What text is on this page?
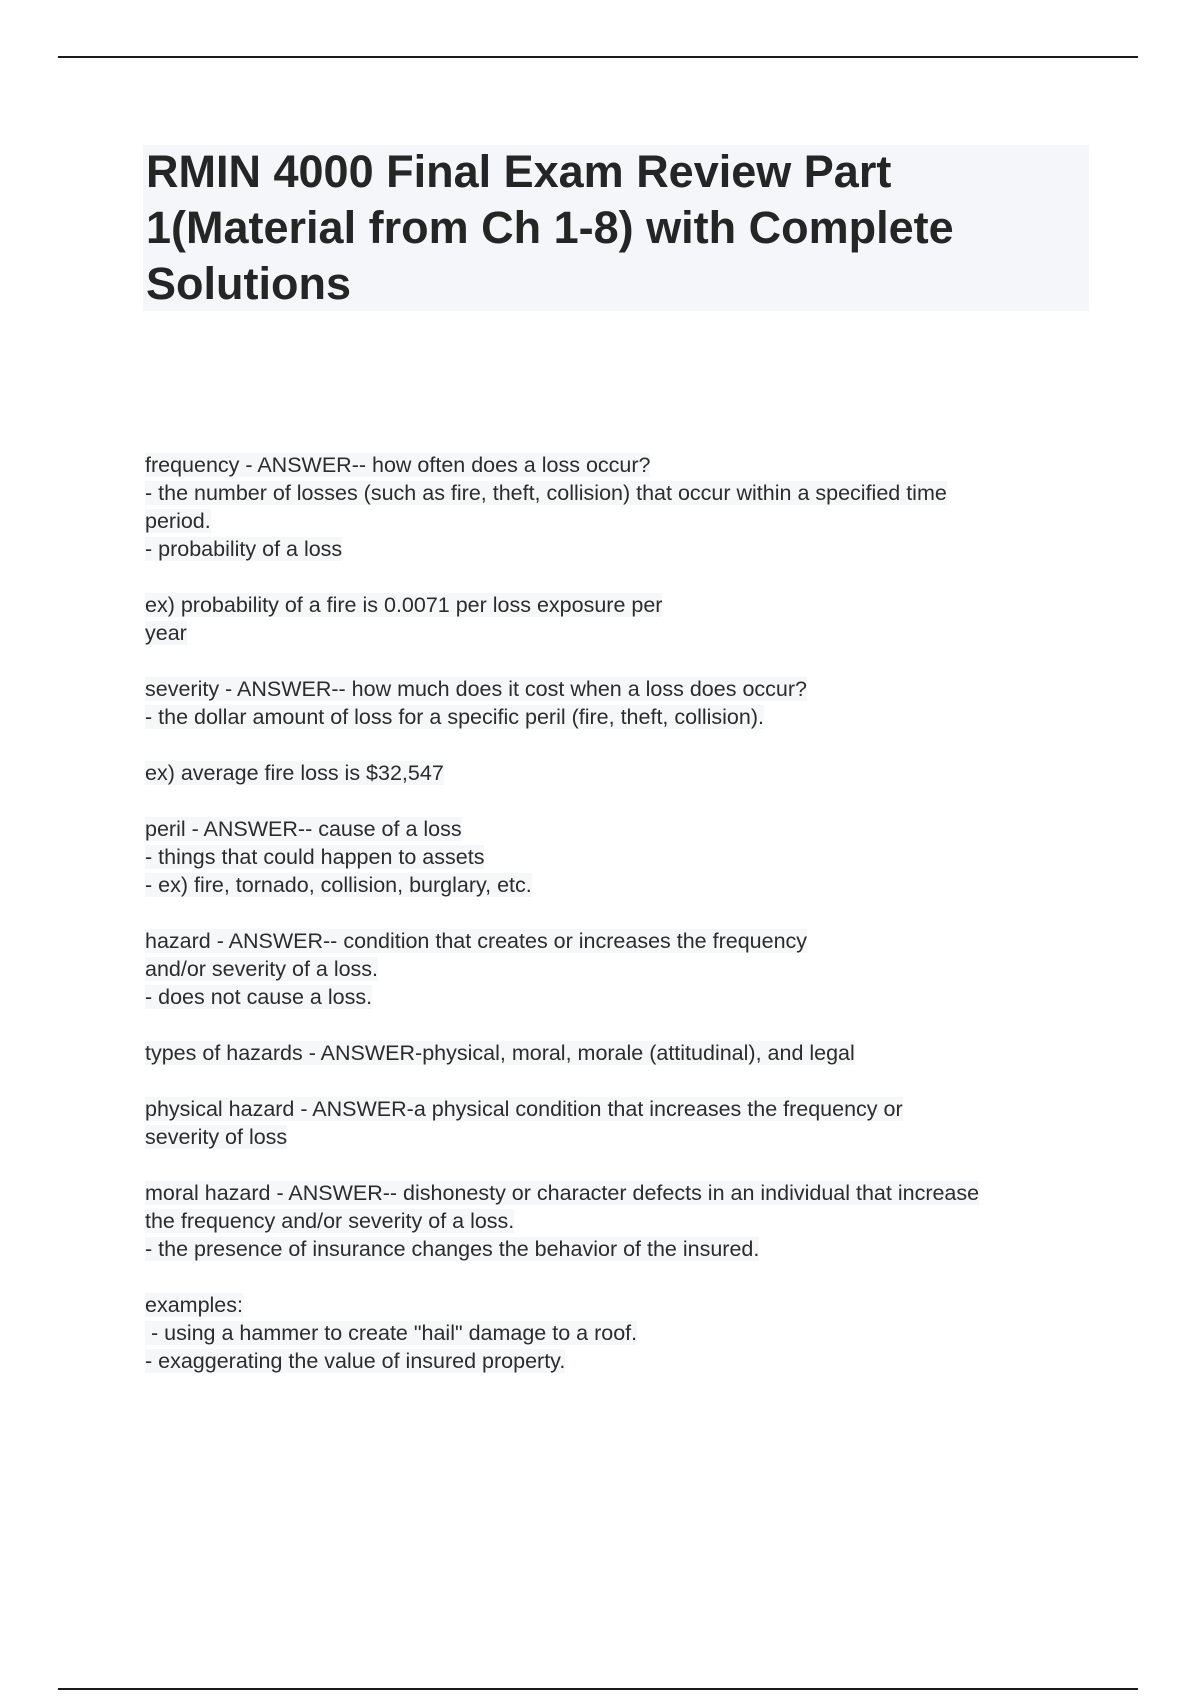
RMIN 4000 Final Exam Review Part
1(Material from Ch 1-8) with Complete
Solutions
frequency - ANSWER-- how often does a loss occur?
- the number of losses (such as fire, theft, collision) that occur within a specified time
period.
- probability of a loss
ex) probability of a fire is 0.0071 per loss exposure per
year
severity - ANSWER-- how much does it cost when a loss does occur?
- the dollar amount of loss for a specific peril (fire, theft, collision).
ex) average fire loss is $32,547
peril - ANSWER-- cause of a loss
- things that could happen to assets
- ex) fire, tornado, collision, burglary, etc.
hazard - ANSWER-- condition that creates or increases the frequency
and/or severity of a loss.
- does not cause a loss.
types of hazards - ANSWER-physical, moral, morale (attitudinal), and legal
physical hazard - ANSWER-a physical condition that increases the frequency or
severity of loss
moral hazard - ANSWER-- dishonesty or character defects in an individual that increase
the frequency and/or severity of a loss.
- the presence of insurance changes the behavior of the insured.
examples:
- using a hammer to create "hail" damage to a roof.
- exaggerating the value of insured property.
